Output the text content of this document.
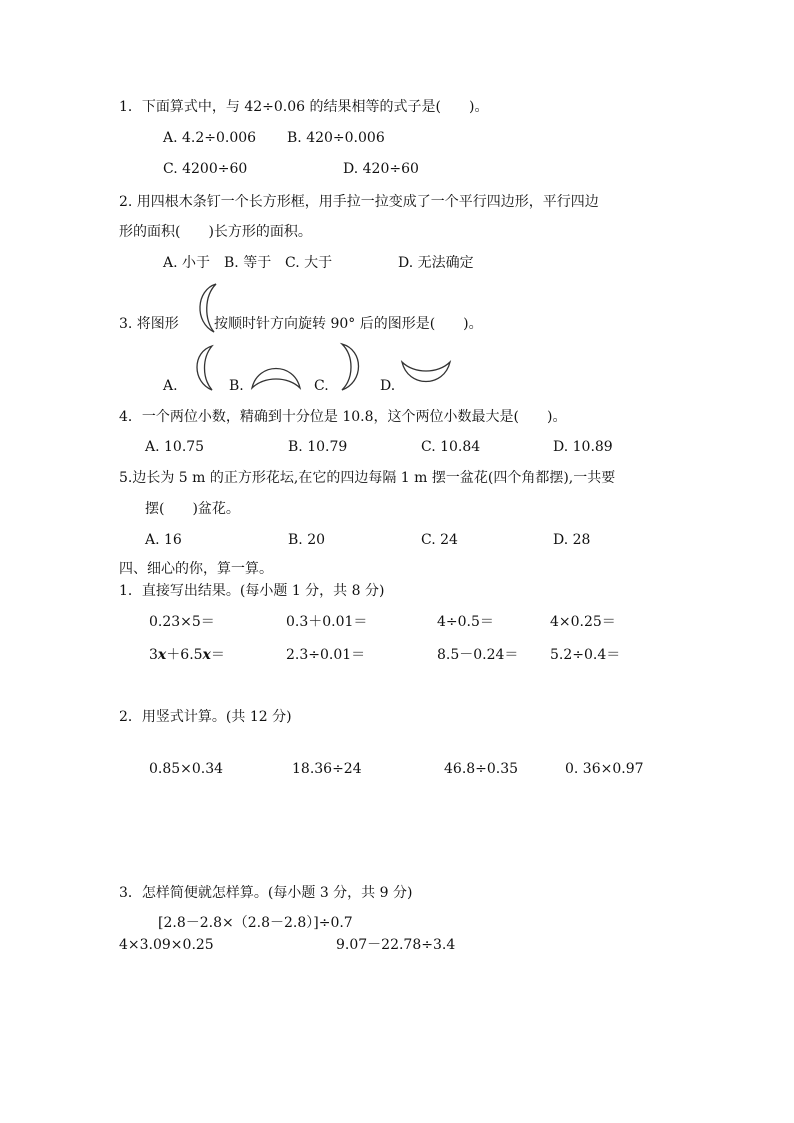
1．下面算式中，与 42÷0.06 的结果相等的式子是(　　)。
A. 4.2÷0.006 B. 420÷0.006
C. 4200÷60	D. 420÷60
2. 用四根木条钉一个长方形框，用手拉一拉变成了一个平行四边形，平行四边
形的面积(　　)长方形的面积。
A. 小于 B. 等于 C. 大于	D. 无法确定
3. 将图形	按顺时针方向旋转 90° 后的图形是(　　)。
A.	B.	C.	D.
4．一个两位小数，精确到十分位是 10.8，这个两位小数最大是(　　)。
A. 10.75	B. 10.79	C. 10.84	D. 10.89
5.边长为 5 m 的正方形花坛,在它的四边每隔 1 m 摆一盆花(四个角都摆),一共要
摆(　　)盆花。
A. 16	B. 20	C. 24	D. 28
四、细心的你，算一算。
1．直接写出结果。(每小题 1 分，共 8 分)
0.23×5＝	0.3＋0.01＝	4÷0.5＝	4×0.25＝
3x＋6.5x＝	2.3÷0.01＝	8.5－0.24＝ 5.2÷0.4＝
2．用竖式计算。(共 12 分)
0.85×0.34	18.36÷24	46.8÷0.35	0. 36×0.97
3．怎样简便就怎样算。(每小题 3 分，共 9 分)
[2.8－2.8×（2.8－2.8）]÷0.7
4×3.09×0.25	9.07－22.78÷3.4
